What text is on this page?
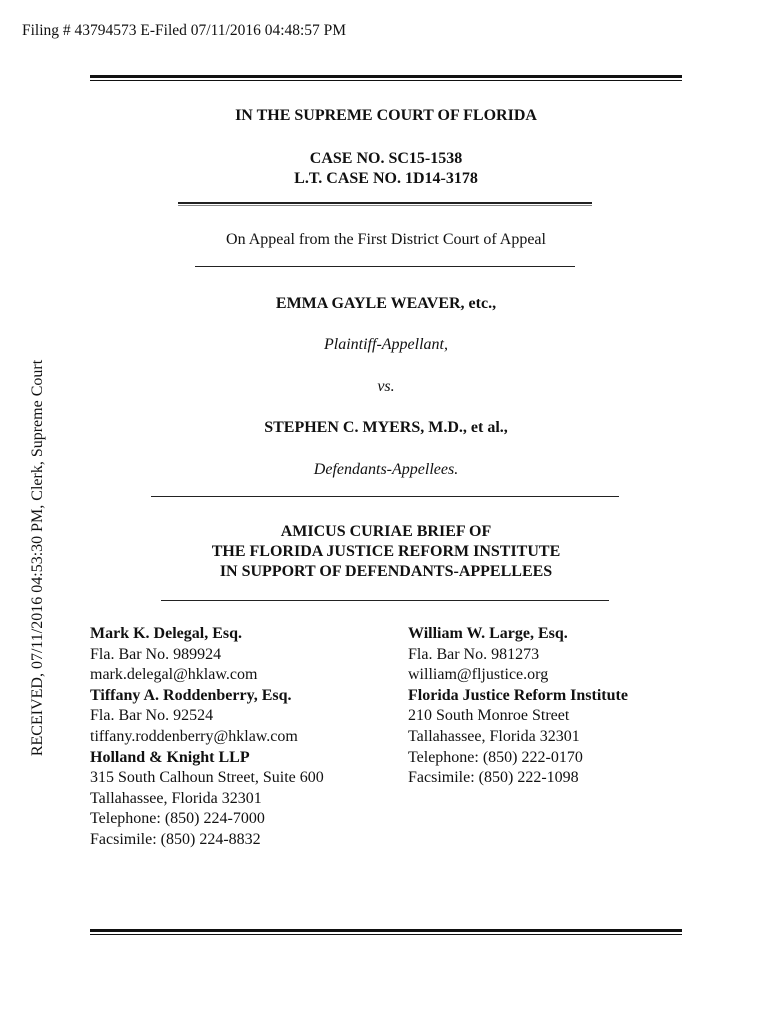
Filing # 43794573 E-Filed 07/11/2016 04:48:57 PM
RECEIVED, 07/11/2016 04:53:30 PM, Clerk, Supreme Court
IN THE SUPREME COURT OF FLORIDA
CASE NO. SC15-1538
L.T. CASE NO. 1D14-3178
On Appeal from the First District Court of Appeal
EMMA GAYLE WEAVER, etc.,
Plaintiff-Appellant,
vs.
STEPHEN C. MYERS, M.D., et al.,
Defendants-Appellees.
AMICUS CURIAE BRIEF OF
THE FLORIDA JUSTICE REFORM INSTITUTE
IN SUPPORT OF DEFENDANTS-APPELLEES
Mark K. Delegal, Esq.
Fla. Bar No. 989924
mark.delegal@hklaw.com
Tiffany A. Roddenberry, Esq.
Fla. Bar No. 92524
tiffany.roddenberry@hklaw.com
Holland & Knight LLP
315 South Calhoun Street, Suite 600
Tallahassee, Florida 32301
Telephone: (850) 224-7000
Facsimile: (850) 224-8832
William W. Large, Esq.
Fla. Bar No. 981273
william@fljustice.org
Florida Justice Reform Institute
210 South Monroe Street
Tallahassee, Florida 32301
Telephone: (850) 222-0170
Facsimile: (850) 222-1098
